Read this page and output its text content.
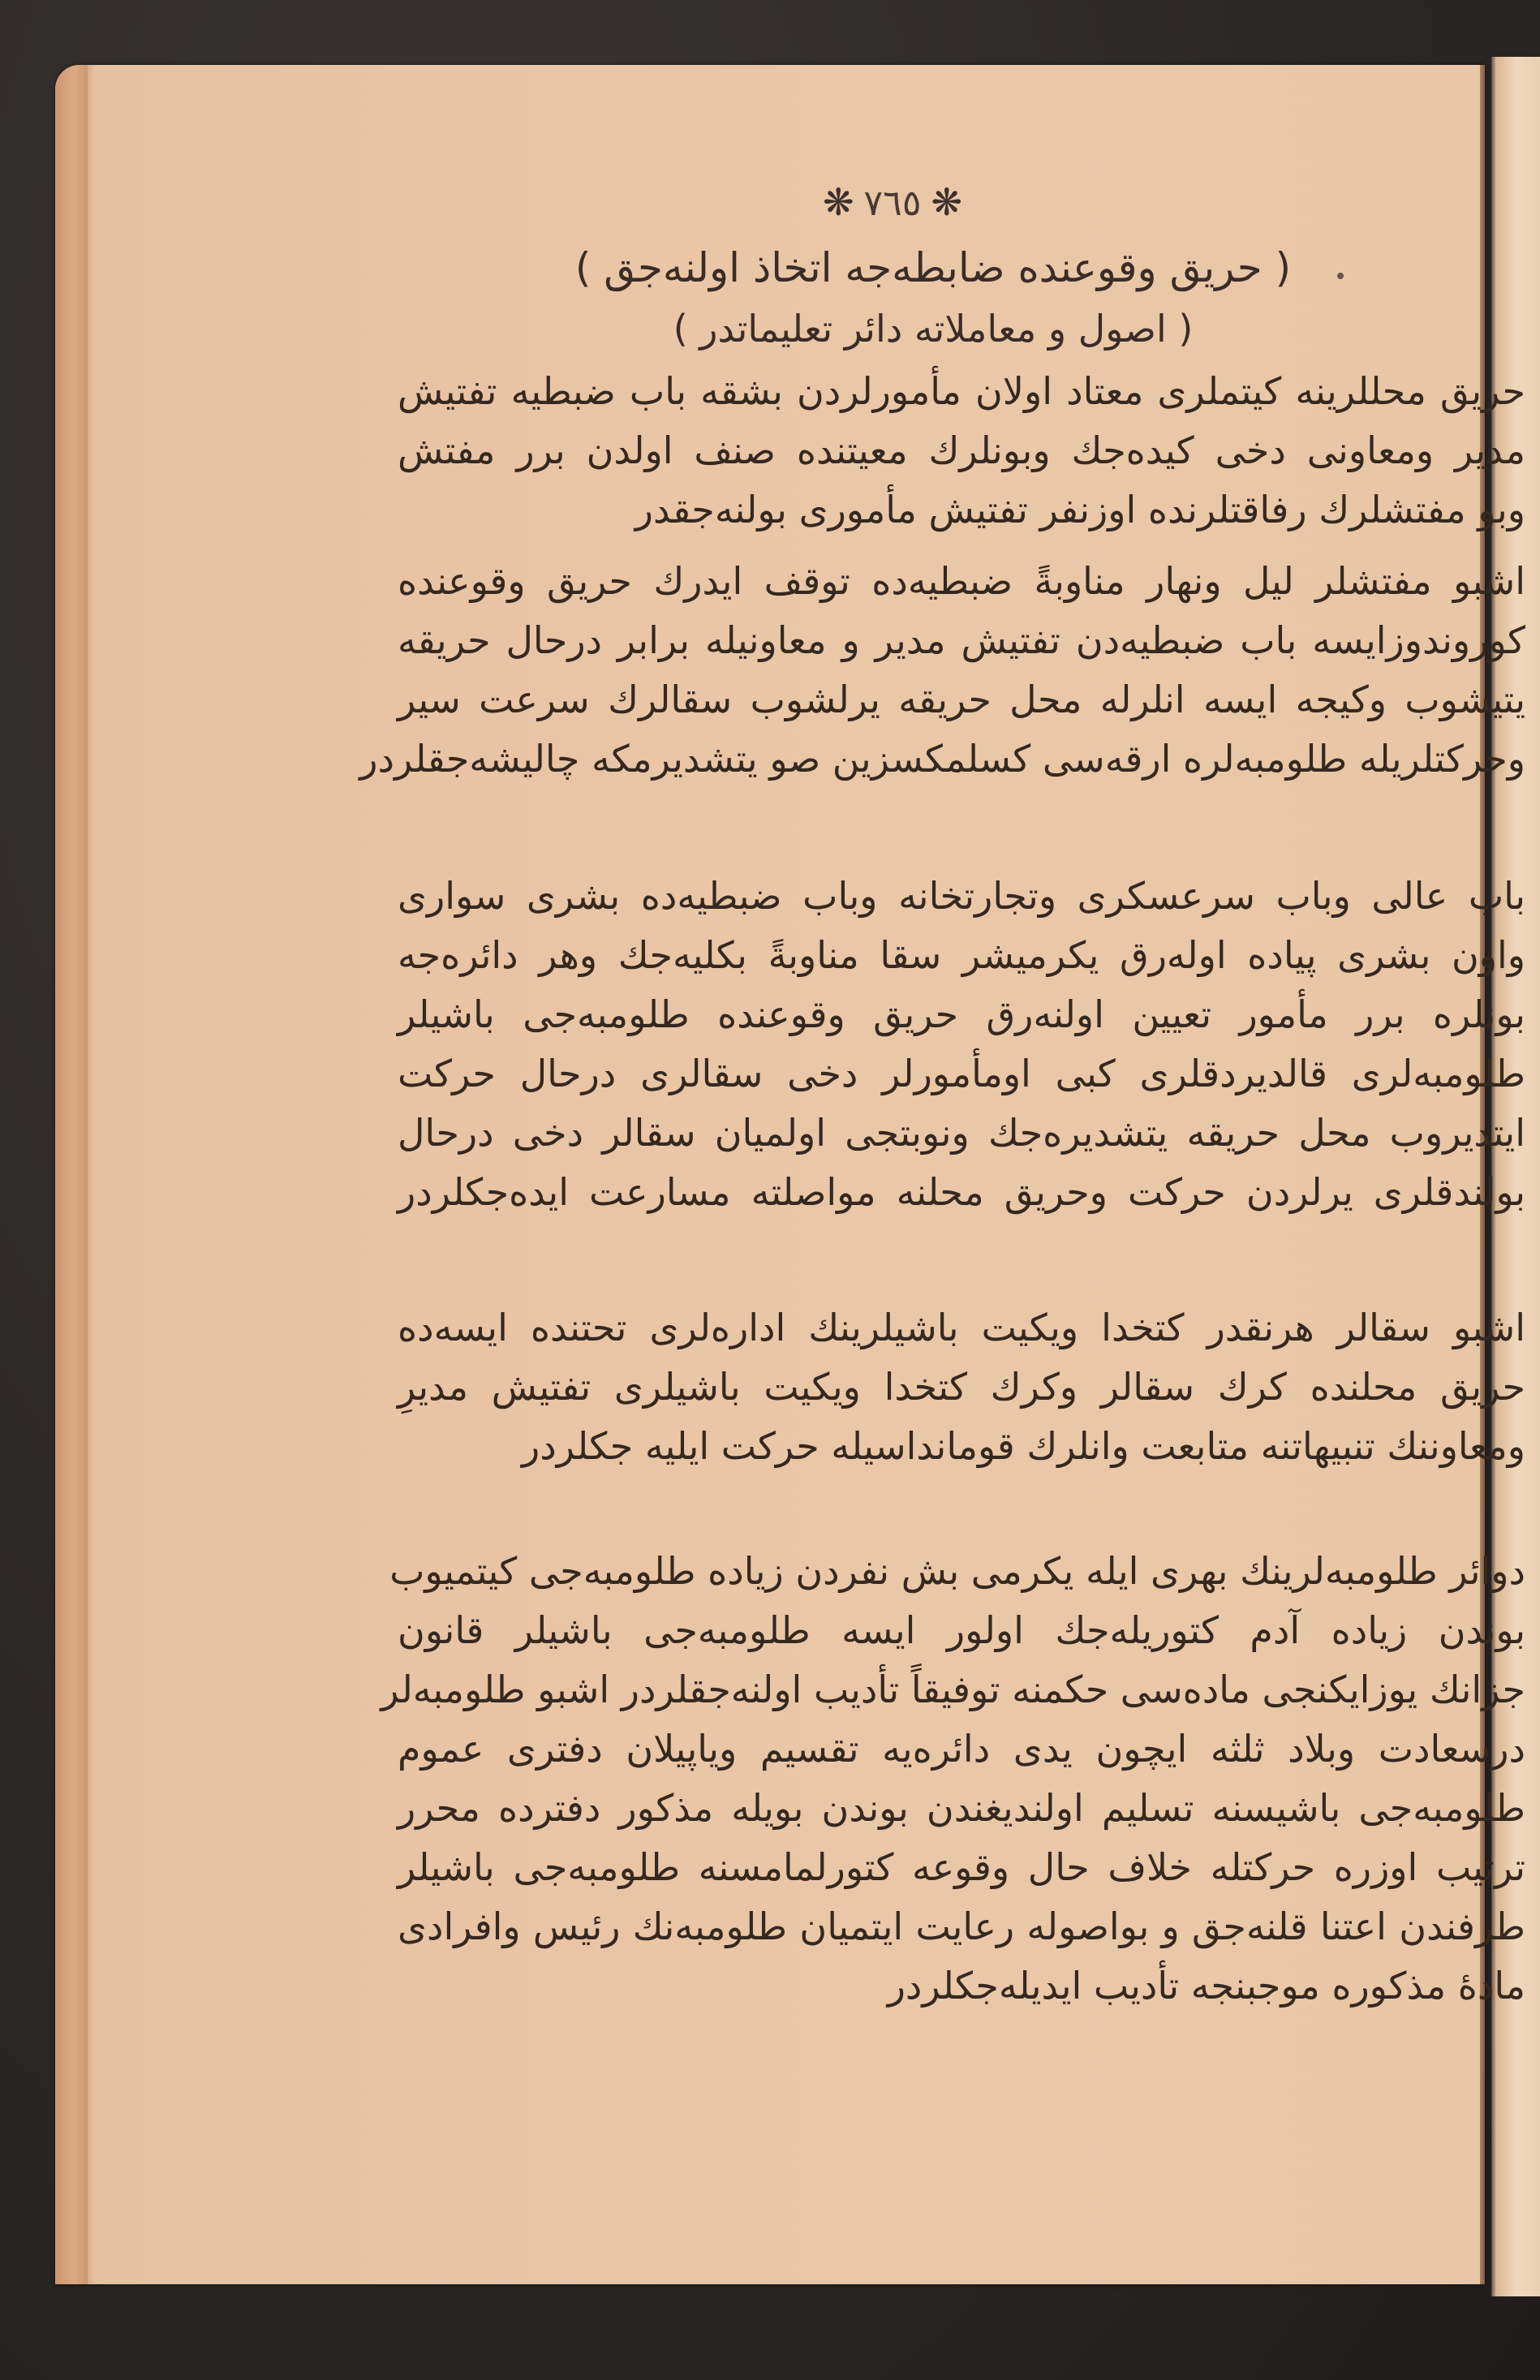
❋ ٧٦٥ ❋
( حریق وقوعنده ضابطه‌جه اتخاذ اولنه‌جق )
( اصول و معاملاته دائر تعلیماتدر )
حریق محللرینه کیتملری معتاد اولان مأمورلردن بشقه باب ضبطیه تفتیش
مدیر ومعاونی دخی کیده‌جك وبونلرك معیتنده صنف اولدن برر مفتش
وبو مفتشلرك رفاقتلرنده اوزنفر تفتیش مأموری بولنه‌جقدر
اشبو مفتشلر لیل ونهار مناوبةً ضبطیه‌ده توقف ایدرك حریق وقوعنده
کوروندوزایسه باب ضبطیه‌دن تفتیش مدیر و معاونیله برابر درحال حریقه
یتیشوب وکیجه ایسه انلرله محل حریقه یرلشوب سقالرك سرعت سیر
وحرکتلریله طلومبه‌لره ارقه‌سی کسلمکسزین صو یتشدیرمکه چالیشه‌جقلردر
باب عالی وباب سرعسکری وتجارتخانه وباب ضبطیه‌ده بشری سواری
واون بشری پیاده اوله‌رق یکرمیشر سقا مناوبةً بکلیه‌جك وهر دائره‌جه
بونلره برر مأمور تعیین اولنه‌رق حریق وقوعنده طلومبه‌جی باشیلر
طلومبه‌لری قالدیردقلری کبی اومأمورلر دخی سقالری درحال حرکت
ایتدیروب محل حریقه یتشدیره‌جك ونوبتجی اولمیان سقالر دخی درحال
بولندقلری یرلردن حرکت وحریق محلنه مواصلته مسارعت ایده‌جکلردر
اشبو سقالر هرنقدر کتخدا ویکیت باشیلرینك اداره‌لری تحتنده ایسه‌ده
حریق محلنده کرك سقالر وکرك کتخدا ویکیت باشیلری تفتیش مدیرِ
ومعاوننك تنبیهاتنه متابعت وانلرك قومانداسیله حرکت ایلیه جکلردر
دوائر طلومبه‌لرینك بهری ایله یکرمی بش نفردن زیاده طلومبه‌جی کیتمیوب
بوندن زیاده آدم کتوریله‌جك اولور ایسه طلومبه‌جی باشیلر قانون
جزانك یوزایکنجی ماده‌سی حکمنه توفیقاً تأدیب اولنه‌جقلردر اشبو طلومبه‌لر
درسعادت وبلاد ثلثه ایچون یدی دائره‌یه تقسیم ویاپیلان دفتری عموم
طلومبه‌جی باشیسنه تسلیم اولندیغندن بوندن بویله مذکور دفترده محرر
ترتیب اوزره حرکتله خلاف حال وقوعه کتورلمامسنه طلومبه‌جی باشیلر
طرفندن اعتنا قلنه‌جق و بواصوله رعایت ایتمیان طلومبه‌نك رئیس وافرادی
مادهٔ مذکوره موجبنجه تأدیب ایدیله‌جکلردر
